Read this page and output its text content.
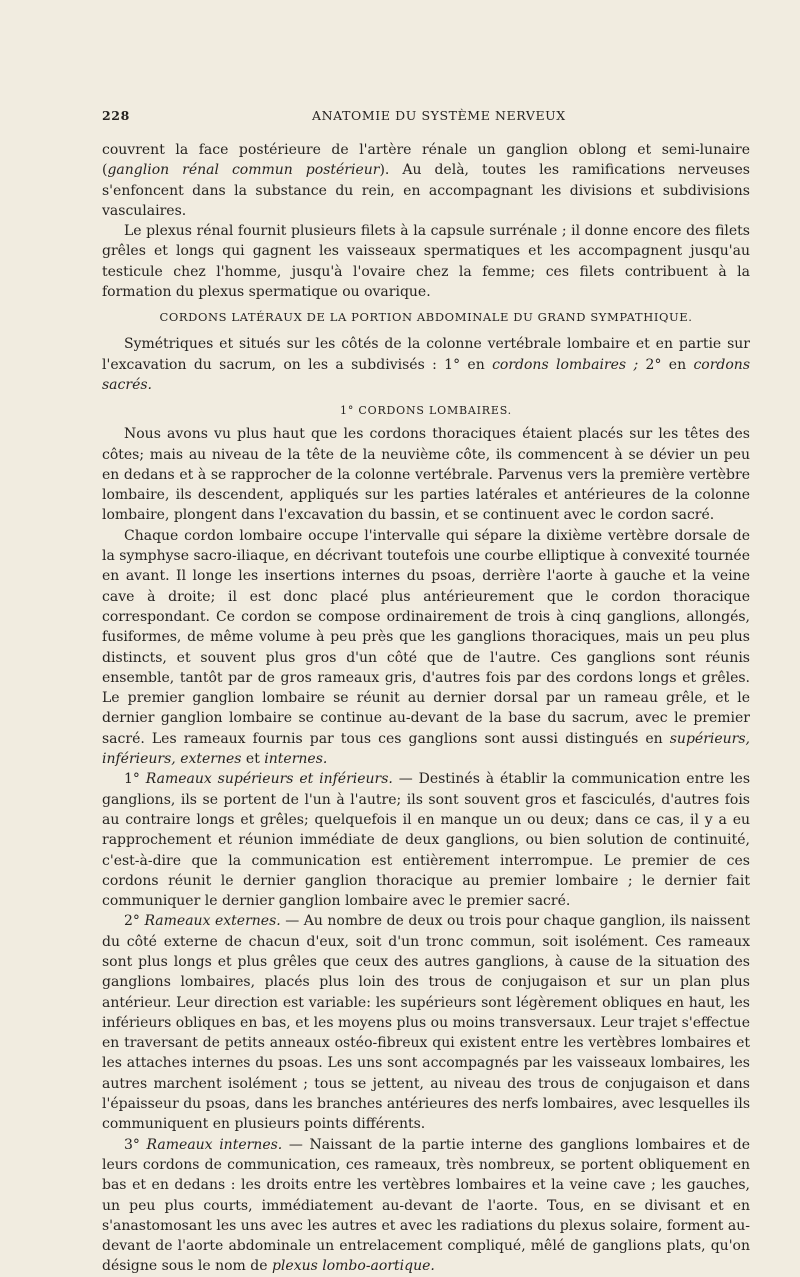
228	ANATOMIE DU SYSTÈME NERVEUX

couvrent la face postérieure de l'artère rénale un ganglion oblong et semi-lunaire (ganglion rénal commun postérieur). Au delà, toutes les ramifications nerveuses s'enfoncent dans la substance du rein, en accompagnant les divisions et subdivisions vasculaires.

Le plexus rénal fournit plusieurs filets à la capsule surrénale ; il donne encore des filets grêles et longs qui gagnent les vaisseaux spermatiques et les accompagnent jusqu'au testicule chez l'homme, jusqu'à l'ovaire chez la femme; ces filets contribuent à la formation du plexus spermatique ou ovarique.

CORDONS LATÉRAUX DE LA PORTION ABDOMINALE DU GRAND SYMPATHIQUE.

Symétriques et situés sur les côtés de la colonne vertébrale lombaire et en partie sur l'excavation du sacrum, on les a subdivisés : 1° en cordons lombaires ; 2° en cordons sacrés.

1° CORDONS LOMBAIRES.

Nous avons vu plus haut que les cordons thoraciques étaient placés sur les têtes des côtes; mais au niveau de la tête de la neuvième côte, ils commencent à se dévier un peu en dedans et à se rapprocher de la colonne vertébrale. Parvenus vers la première vertèbre lombaire, ils descendent, appliqués sur les parties latérales et antérieures de la colonne lombaire, plongent dans l'excavation du bassin, et se continuent avec le cordon sacré.

Chaque cordon lombaire occupe l'intervalle qui sépare la dixième vertèbre dorsale de la symphyse sacro-iliaque, en décrivant toutefois une courbe elliptique à convexité tournée en avant. Il longe les insertions internes du psoas, derrière l'aorte à gauche et la veine cave à droite; il est donc placé plus antérieurement que le cordon thoracique correspondant. Ce cordon se compose ordinairement de trois à cinq ganglions, allongés, fusiformes, de même volume à peu près que les ganglions thoraciques, mais un peu plus distincts, et souvent plus gros d'un côté que de l'autre. Ces ganglions sont réunis ensemble, tantôt par de gros rameaux gris, d'autres fois par des cordons longs et grêles. Le premier ganglion lombaire se réunit au dernier dorsal par un rameau grêle, et le dernier ganglion lombaire se continue au-devant de la base du sacrum, avec le premier sacré. Les rameaux fournis par tous ces ganglions sont aussi distingués en supérieurs, inférieurs, externes et internes.

1° Rameaux supérieurs et inférieurs. — Destinés à établir la communication entre les ganglions, ils se portent de l'un à l'autre; ils sont souvent gros et fasciculés, d'autres fois au contraire longs et grêles; quelquefois il en manque un ou deux; dans ce cas, il y a eu rapprochement et réunion immédiate de deux ganglions, ou bien solution de continuité, c'est-à-dire que la communication est entièrement interrompue. Le premier de ces cordons réunit le dernier ganglion thoracique au premier lombaire ; le dernier fait communiquer le dernier ganglion lombaire avec le premier sacré.

2° Rameaux externes. — Au nombre de deux ou trois pour chaque ganglion, ils naissent du côté externe de chacun d'eux, soit d'un tronc commun, soit isolément. Ces rameaux sont plus longs et plus grêles que ceux des autres ganglions, à cause de la situation des ganglions lombaires, placés plus loin des trous de conjugaison et sur un plan plus antérieur. Leur direction est variable: les supérieurs sont légèrement obliques en haut, les inférieurs obliques en bas, et les moyens plus ou moins transversaux. Leur trajet s'effectue en traversant de petits anneaux ostéo-fibreux qui existent entre les vertèbres lombaires et les attaches internes du psoas. Les uns sont accompagnés par les vaisseaux lombaires, les autres marchent isolément ; tous se jettent, au niveau des trous de conjugaison et dans l'épaisseur du psoas, dans les branches antérieures des nerfs lombaires, avec lesquelles ils communiquent en plusieurs points différents.

3° Rameaux internes. — Naissant de la partie interne des ganglions lombaires et de leurs cordons de communication, ces rameaux, très nombreux, se portent obliquement en bas et en dedans : les droits entre les vertèbres lombaires et la veine cave ; les gauches, un peu plus courts, immédiatement au-devant de l'aorte. Tous, en se divisant et en s'anastomosant les uns avec les autres et avec les radiations du plexus solaire, forment au-devant de l'aorte abdominale un entrelacement compliqué, mêlé de ganglions plats, qu'on désigne sous le nom de plexus lombo-aortique.
